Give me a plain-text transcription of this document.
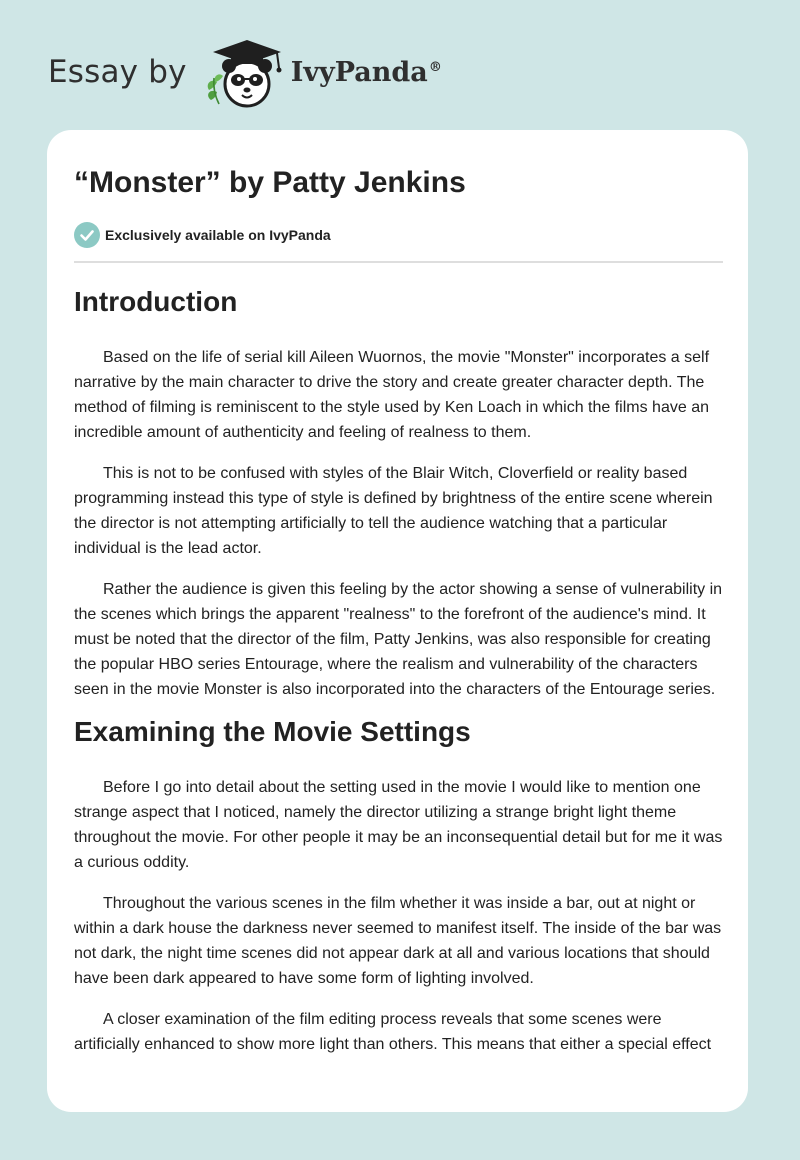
Essay by	IvyPanda®
“Monster” by Patty Jenkins
Exclusively available on IvyPanda
Introduction

Based on the life of serial kill Aileen Wuornos, the movie "Monster" incorporates a self narrative by the main character to drive the story and create greater character depth. The method of filming is reminiscent to the style used by Ken Loach in which the films have an incredible amount of authenticity and feeling of realness to them.

This is not to be confused with styles of the Blair Witch, Cloverfield or reality based programming instead this type of style is defined by brightness of the entire scene wherein the director is not attempting artificially to tell the audience watching that a particular individual is the lead actor.

Rather the audience is given this feeling by the actor showing a sense of vulnerability in the scenes which brings the apparent "realness" to the forefront of the audience's mind. It must be noted that the director of the film, Patty Jenkins, was also responsible for creating the popular HBO series Entourage, where the realism and vulnerability of the characters seen in the movie Monster is also incorporated into the characters of the Entourage series.

Examining the Movie Settings

Before I go into detail about the setting used in the movie I would like to mention one strange aspect that I noticed, namely the director utilizing a strange bright light theme throughout the movie. For other people it may be an inconsequential detail but for me it was a curious oddity.

Throughout the various scenes in the film whether it was inside a bar, out at night or within a dark house the darkness never seemed to manifest itself. The inside of the bar was not dark, the night time scenes did not appear dark at all and various locations that should have been dark appeared to have some form of lighting involved.

A closer examination of the film editing process reveals that some scenes were artificially enhanced to show more light than others. This means that either a special effect
